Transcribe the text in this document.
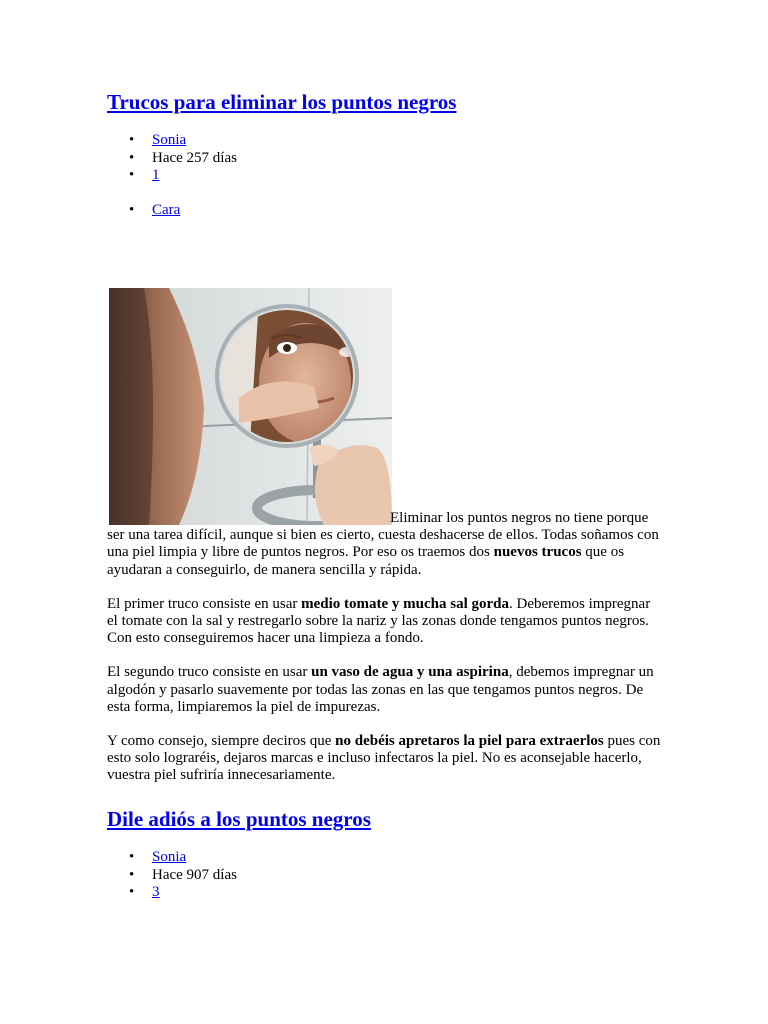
Trucos para eliminar los puntos negros
• Sonia
• Hace 257 días
• 1
• Cara

Eliminar los puntos negros no tiene porque ser una tarea difícil, aunque si bien es cierto, cuesta deshacerse de ellos. Todas soñamos con una piel limpia y libre de puntos negros. Por eso os traemos dos nuevos trucos que os ayudaran a conseguirlo, de manera sencilla y rápida.

El primer truco consiste en usar medio tomate y mucha sal gorda. Deberemos impregnar el tomate con la sal y restregarlo sobre la nariz y las zonas donde tengamos puntos negros. Con esto conseguiremos hacer una limpieza a fondo.

El segundo truco consiste en usar un vaso de agua y una aspirina, debemos impregnar un algodón y pasarlo suavemente por todas las zonas en las que tengamos puntos negros. De esta forma, limpiaremos la piel de impurezas.

Y como consejo, siempre deciros que no debéis apretaros la piel para extraerlos pues con esto solo lograréis, dejaros marcas e incluso infectaros la piel. No es aconsejable hacerlo, vuestra piel sufriría innecesariamente.

Dile adiós a los puntos negros
• Sonia
• Hace 907 días
• 3
